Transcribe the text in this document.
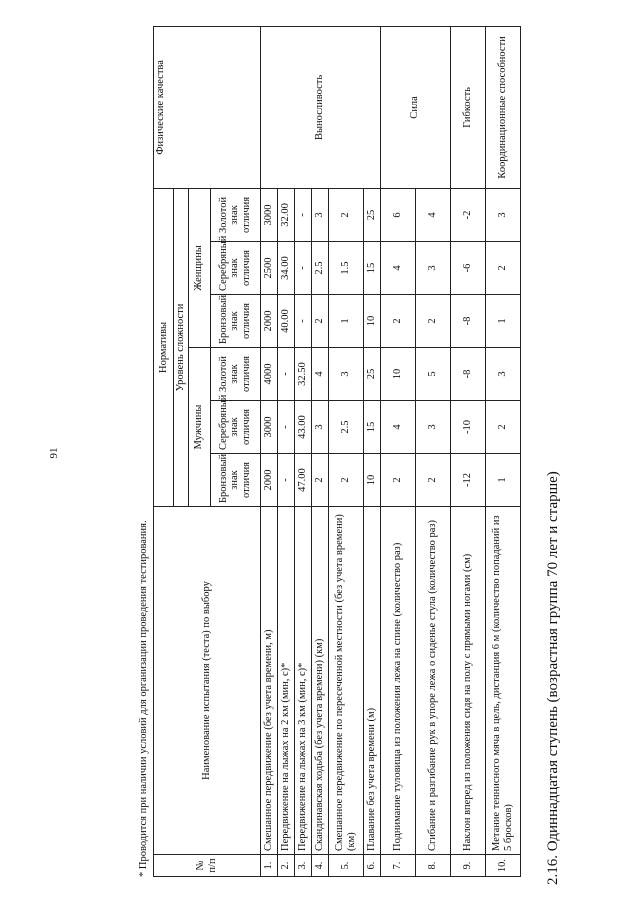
91
2.16. Одиннадцатая ступень (возрастная группа 70 лет и старше)
№ п/п	Наименование испытания (теста) по выбору	Нормативы						Физические качества
		Уровень сложности						
		Мужчины			Женщины			
		Бронзовый знак отличия	Серебряный знак отличия	Золотой знак отличия	Бронзовый знак отличия	Серебряный знак отличия	Золотой знак отличия	
1.	Смешанное передвижение (без учета времени, м)	2000	3000	4000	2000	2500	3000	Выносливость
2.	Передвижение на лыжах на 2 км (мин, с)*	-	-	-	40.00	34.00	32.00	
3.	Передвижение на лыжах на 3 км (мин, с)*	47.00	43.00	32.50	-	-	-	
4.	Скандинавская ходьба (без учета времени) (км)	2	3	4	2	2.5	3	
5.	Смешанное передвижение по пересеченной местности (без учета времени) (км)	2	2.5	3	1	1.5	2	
6.	Плавание без учета времени (м)	10	15	25	10	15	25	
7.	Поднимание туловища из положения лежа на спине (количество раз)	2	4	10	2	4	6	Сила
8.	Сгибание и разгибание рук в упоре лежа о сиденье стула (количество раз)	2	3	5	2	3	4	
9.	Наклон вперед из положения сидя на полу с прямыми ногами (см)	-12	-10	-8	-8	-6	-2	Гибкость
10.	Метание теннисного мяча в цель, дистанция 6 м (количество попаданий из 5 бросков)	1	2	3	1	2	3	Координационные способности
* Проводится при наличии условий для организации проведения тестирования.
